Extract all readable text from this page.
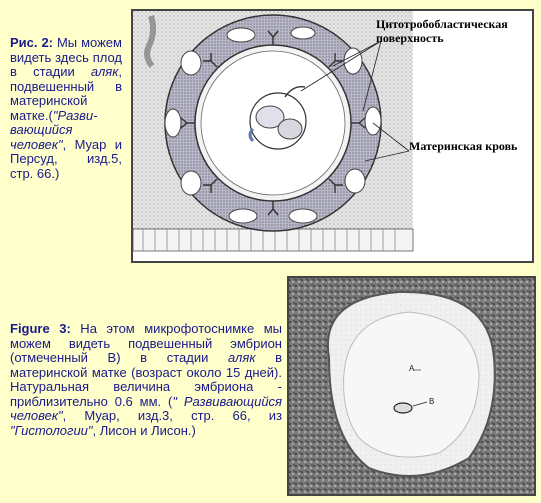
Рис. 2: Мы можем видеть здесь плод в стадии аляк, подвешенный в материнской матке.("Разви-вающийся человек", Муар и Персуд, изд.5, стр. 66.)
Цитотробобластическая поверхность
Материнская кровь
A
B
Figure 3: На этом микрофотоснимке мы можем видеть подвешенный эмбрион (отмеченный B) в стадии аляк в материнской матке (возраст около 15 дней). Натуральная величина эмбриона - приблизительно 0.6 мм. (" Развивающийся человек", Муар, изд.3, стр. 66, из "Гистологии", Лисон и Лисон.)
